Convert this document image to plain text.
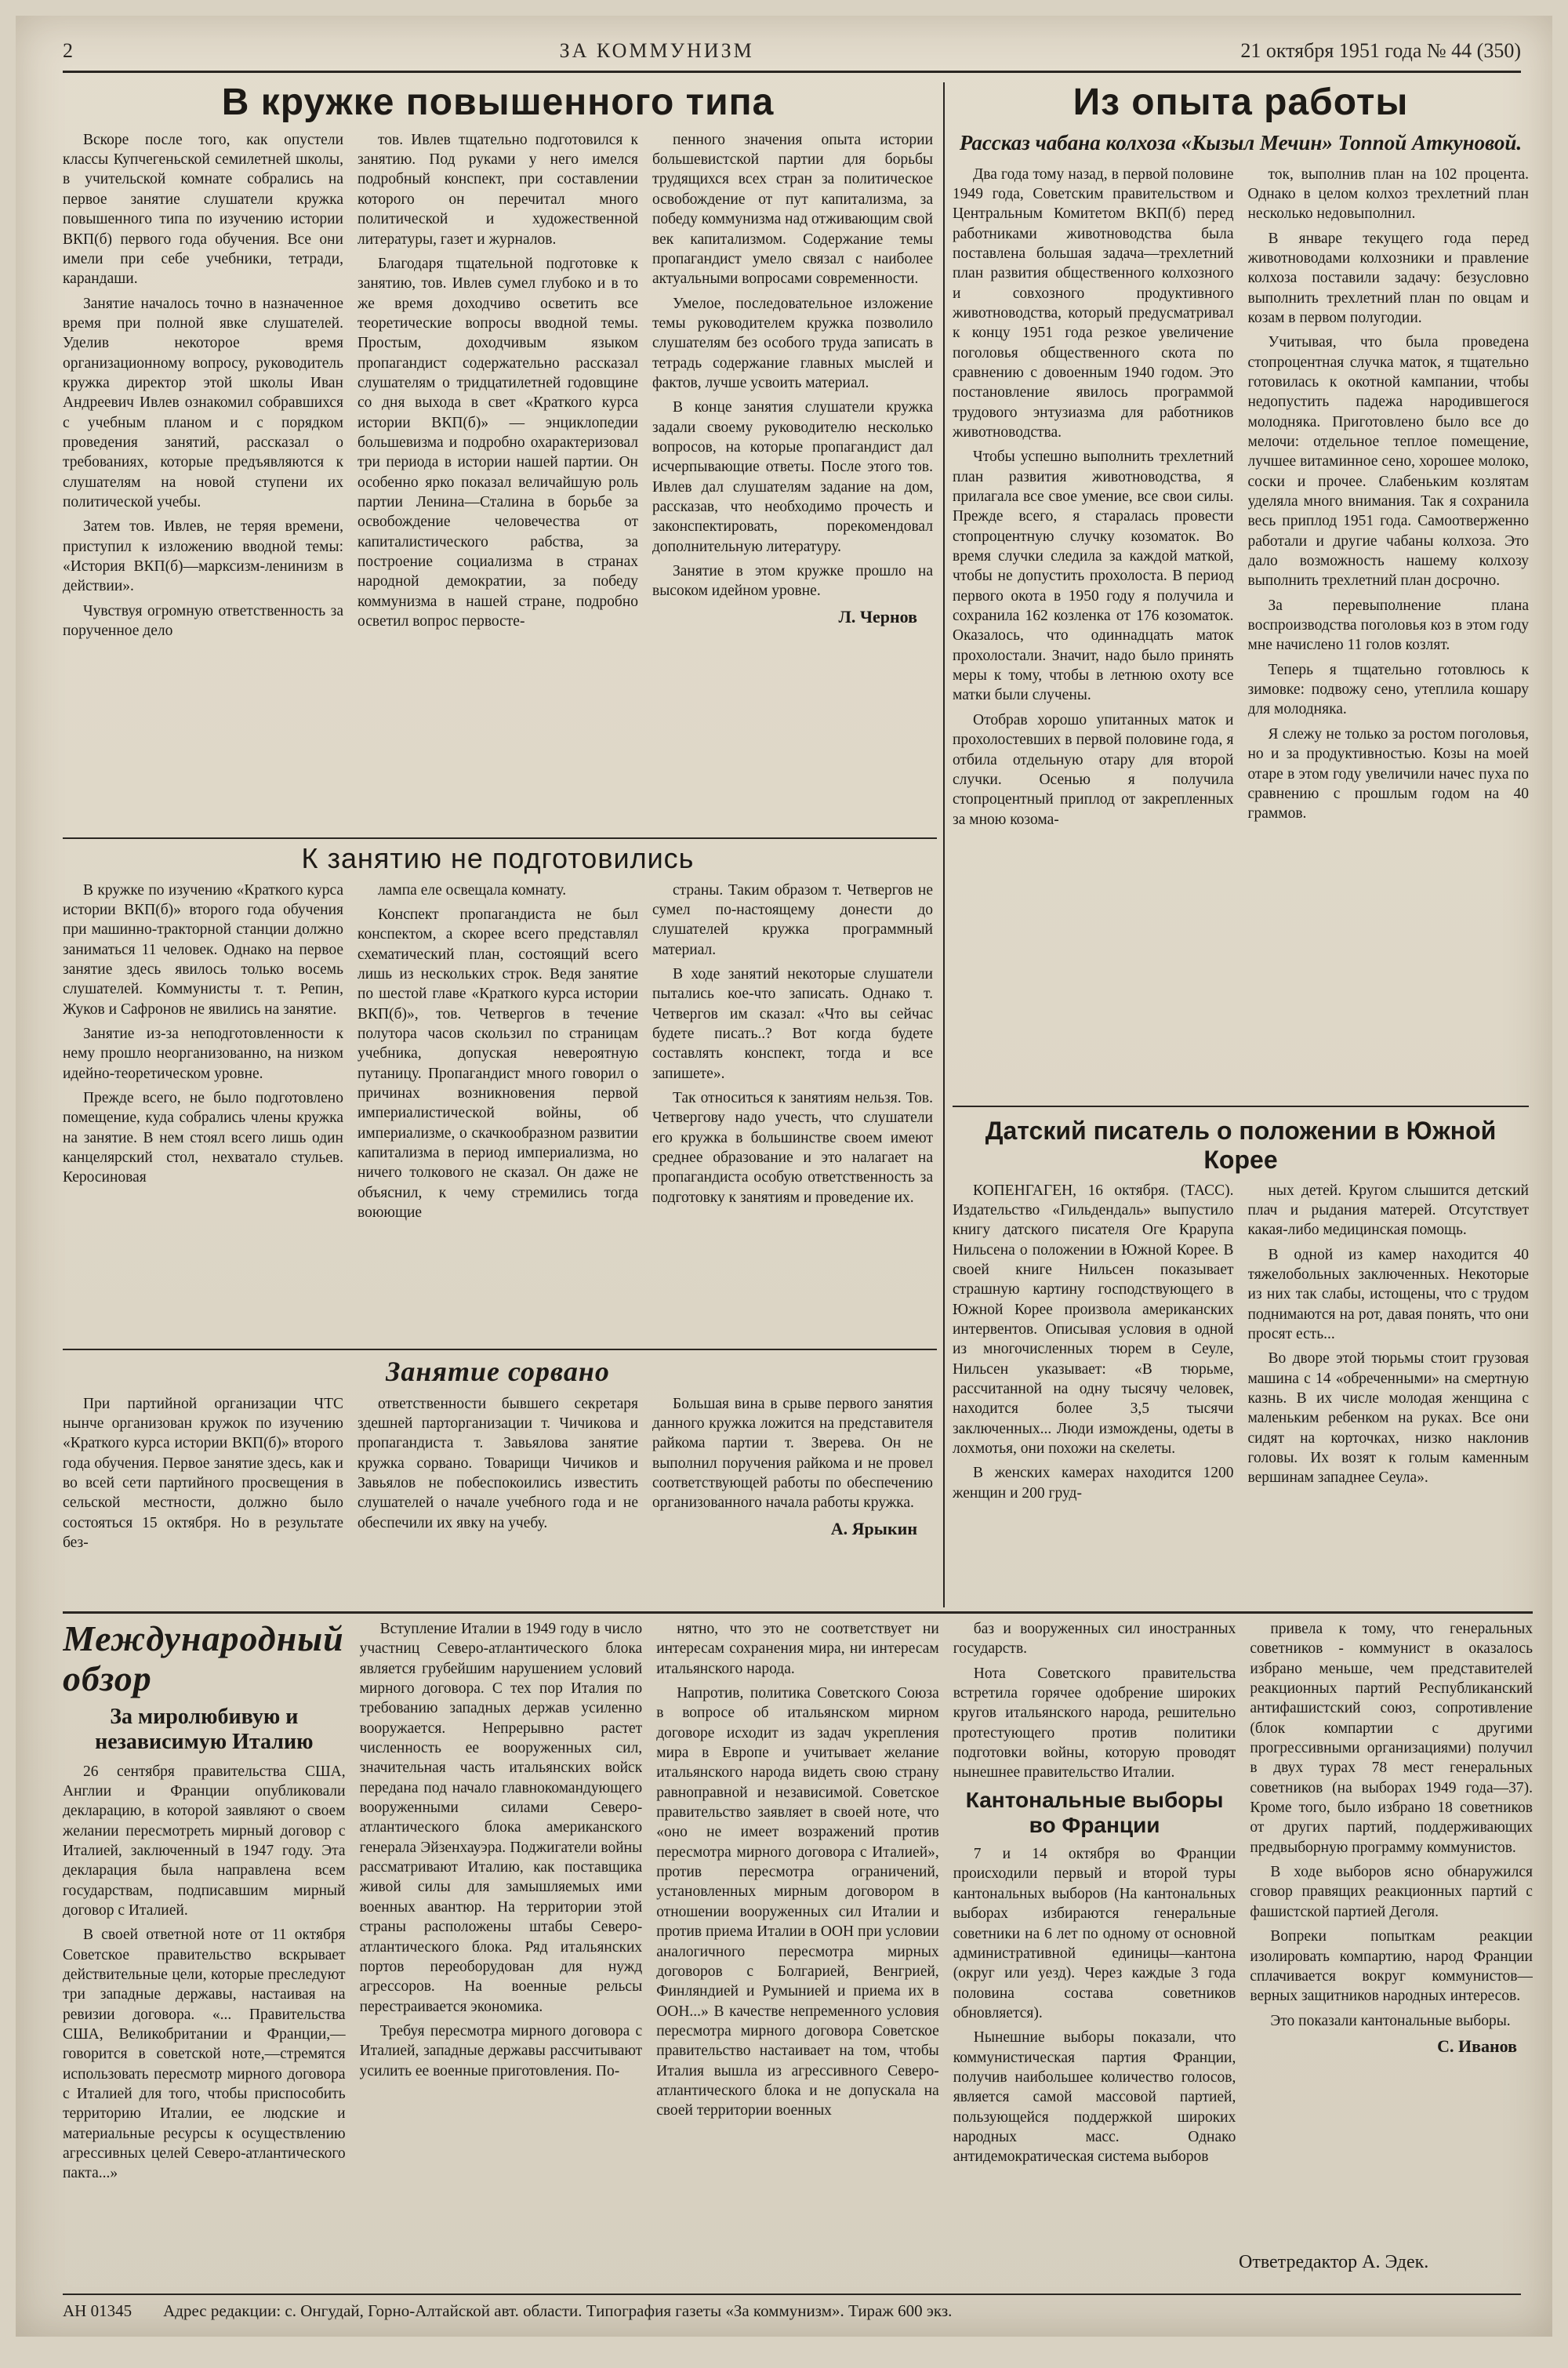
2	ЗА КОММУНИЗМ	21 октября 1951 года № 44 (350)
В кружке повышенного типа

Вскоре после того, как опустели классы Купчегеньской семилетней школы, в учительской комнате собрались на первое занятие слушатели кружка повышенного типа по изучению истории ВКП(б) первого года обучения. Все они имели при себе учебники, тетради, карандаши.

Занятие началось точно в назначенное время при полной явке слушателей. Уделив некоторое время организационному вопросу, руководитель кружка директор этой школы Иван Андреевич Ивлев ознакомил собравшихся с учебным планом и с порядком проведения занятий, рассказал о требованиях, которые предъявляются к слушателям на новой ступени их политической учебы.

Затем тов. Ивлев, не теряя времени, приступил к изложению вводной темы: «История ВКП(б)—марксизм-ленинизм в действии».

Чувствуя огромную ответственность за порученное дело

тов. Ивлев тщательно подготовился к занятию. Под руками у него имелся подробный конспект, при составлении которого он перечитал много политической и художественной литературы, газет и журналов.

Благодаря тщательной подготовке к занятию, тов. Ивлев сумел глубоко и в то же время доходчиво осветить все теоретические вопросы вводной темы. Простым, доходчивым языком пропагандист содержательно рассказал слушателям о тридцатилетней годовщине со дня выхода в свет «Краткого курса истории ВКП(б)» — энциклопедии большевизма и подробно охарактеризовал три периода в истории нашей партии. Он особенно ярко показал величайшую роль партии Ленина—Сталина в борьбе за освобождение человечества от капиталистического рабства, за построение социализма в странах народной демократии, за победу коммунизма в нашей стране, подробно осветил вопрос первосте-

пенного значения опыта истории большевистской партии для борьбы трудящихся всех стран за политическое освобождение от пут капитализма, за победу коммунизма над отживающим свой век капитализмом. Содержание темы пропагандист умело связал с наиболее актуальными вопросами современности.

Умелое, последовательное изложение темы руководителем кружка позволило слушателям без особого труда записать в тетрадь содержание главных мыслей и фактов, лучше усвоить материал.

В конце занятия слушатели кружка задали своему руководителю несколько вопросов, на которые пропагандист дал исчерпывающие ответы. После этого тов. Ивлев дал слушателям задание на дом, рассказав, что необходимо прочесть и законспектировать, порекомендовал дополнительную литературу.

Занятие в этом кружке прошло на высоком идейном уровне.

Л. Чернов
Из опыта работы
Рассказ чабана колхоза «Кызыл Мечин» Топпой Аткуновой.

Два года тому назад, в первой половине 1949 года, Советским правительством и Центральным Комитетом ВКП(б) перед работниками животноводства была поставлена большая задача—трехлетний план развития общественного колхозного и совхозного продуктивного животноводства, который предусматривал к концу 1951 года резкое увеличение поголовья общественного скота по сравнению с довоенным 1940 годом. Это постановление явилось программой трудового энтузиазма для работников животноводства.

Чтобы успешно выполнить трехлетний план развития животноводства, я прилагала все свое умение, все свои силы. Прежде всего, я старалась провести стопроцентную случку козоматок. Во время случки следила за каждой маткой, чтобы не допустить прохолоста. В период первого окота в 1950 году я получила и сохранила 162 козленка от 176 козоматок. Оказалось, что одиннадцать маток прохолостали. Значит, надо было принять меры к тому, чтобы в летнюю охоту все матки были случены.

Отобрав хорошо упитанных маток и прохолостевших в первой половине года, я отбила отдельную отару для второй случки. Осенью я получила стопроцентный приплод от закрепленных за мною козома-

ток, выполнив план на 102 процента. Однако в целом колхоз трехлетний план несколько недовыполнил.

В январе текущего года перед животноводами колхозники и правление колхоза поставили задачу: безусловно выполнить трехлетний план по овцам и козам в первом полугодии.

Учитывая, что была проведена стопроцентная случка маток, я тщательно готовилась к окотной кампании, чтобы недопустить падежа народившегося молодняка. Приготовлено было все до мелочи: отдельное теплое помещение, лучшее витаминное сено, хорошее молоко, соски и прочее. Слабеньким козлятам уделяла много внимания. Так я сохранила весь приплод 1951 года. Самоотверженно работали и другие чабаны колхоза. Это дало возможность нашему колхозу выполнить трехлетний план досрочно.

За перевыполнение плана воспроизводства поголовья коз в этом году мне начислено 11 голов козлят.

Теперь я тщательно готовлюсь к зимовке: подвожу сено, утеплила кошару для молодняка.

Я слежу не только за ростом поголовья, но и за продуктивностью. Козы на моей отаре в этом году увеличили начес пуха по сравнению с прошлым годом на 40 граммов.

К занятию не подготовились

В кружке по изучению «Краткого курса истории ВКП(б)» второго года обучения при машинно-тракторной станции должно заниматься 11 человек. Однако на первое занятие здесь явилось только восемь слушателей. Коммунисты т. т. Репин, Жуков и Сафронов не явились на занятие.

Занятие из-за неподготовленности к нему прошло неорганизованно, на низком идейно-теоретическом уровне.

Прежде всего, не было подготовлено помещение, куда собрались члены кружка на занятие. В нем стоял всего лишь один канцелярский стол, нехватало стульев. Керосиновая

лампа еле освещала комнату.

Конспект пропагандиста не был конспектом, а скорее всего представлял схематический план, состоящий всего лишь из нескольких строк. Ведя занятие по шестой главе «Краткого курса истории ВКП(б)», тов. Четвергов в течение полутора часов скользил по страницам учебника, допуская невероятную путаницу. Пропагандист много говорил о причинах возникновения первой империалистической войны, об империализме, о скачкообразном развитии капитализма в период империализма, но ничего толкового не сказал. Он даже не объяснил, к чему стремились тогда воюющие

страны. Таким образом т. Четвергов не сумел по-настоящему донести до слушателей кружка программный материал.

В ходе занятий некоторые слушатели пытались кое-что записать. Однако т. Четвергов им сказал: «Что вы сейчас будете писать..? Вот когда будете составлять конспект, тогда и все запишете».

Так относиться к занятиям нельзя. Тов. Четвергову надо учесть, что слушатели его кружка в большинстве своем имеют среднее образование и это налагает на пропагандиста особую ответственность за подготовку к занятиям и проведение их.

Датский писатель о положении в Южной Корее

КОПЕНГАГЕН, 16 октября. (ТАСС). Издательство «Гильдендаль» выпустило книгу датского писателя Оге Крарупа Нильсена о положении в Южной Корее. В своей книге Нильсен показывает страшную картину господствующего в Южной Корее произвола американских интервентов. Описывая условия в одной из многочисленных тюрем в Сеуле, Нильсен указывает: «В тюрьме, рассчитанной на одну тысячу человек, находится более 3,5 тысячи заключенных... Люди измождены, одеты в лохмотья, они похожи на скелеты.

В женских камерах находится 1200 женщин и 200 груд-

ных детей. Кругом слышится детский плач и рыдания матерей. Отсутствует какая-либо медицинская помощь.

В одной из камер находится 40 тяжелобольных заключенных. Некоторые из них так слабы, истощены, что с трудом поднимаются на рот, давая понять, что они просят есть...

Во дворе этой тюрьмы стоит грузовая машина с 14 «обреченными» на смертную казнь. В их числе молодая женщина с маленьким ребенком на руках. Все они сидят на корточках, низко наклонив головы. Их возят к голым каменным вершинам западнее Сеула».

Занятие сорвано

При партийной организации ЧТС нынче организован кружок по изучению «Краткого курса истории ВКП(б)» второго года обучения. Первое занятие здесь, как и во всей сети партийного просвещения в сельской местности, должно было состояться 15 октября. Но в результате без-

ответственности бывшего секретаря здешней парторганизации т. Чичикова и пропагандиста т. Завьялова занятие кружка сорвано. Товарищи Чичиков и Завьялов не побеспокоились известить слушателей о начале учебного года и не обеспечили их явку на учебу.

Большая вина в срыве первого занятия данного кружка ложится на представителя райкома партии т. Зверева. Он не выполнил поручения райкома и не провел соответствующей работы по обеспечению организованного начала работы кружка.

А. Ярыкин
Международный обзор
За миролюбивую и независимую Италию

26 сентября правительства США, Англии и Франции опубликовали декларацию, в которой заявляют о своем желании пересмотреть мирный договор с Италией, заключенный в 1947 году. Эта декларация была направлена всем государствам, подписавшим мирный договор с Италией.

В своей ответной ноте от 11 октября Советское правительство вскрывает действительные цели, которые преследуют три западные державы, настаивая на ревизии договора. «... Правительства США, Великобритании и Франции,—говорится в советской ноте,—стремятся использовать пересмотр мирного договора с Италией для того, чтобы приспособить территорию Италии, ее людские и материальные ресурсы к осуществлению агрессивных целей Северо-атлантического пакта...»

Вступление Италии в 1949 году в число участниц Северо-атлантического блока является грубейшим нарушением условий мирного договора. С тех пор Италия по требованию западных держав усиленно вооружается. Непрерывно растет численность ее вооруженных сил, значительная часть итальянских войск передана под начало главнокомандующего вооруженными силами Северо-атлантического блока американского генерала Эйзенхауэра. Поджигатели войны рассматривают Италию, как поставщика живой силы для замышляемых ими военных авантюр. На территории этой страны расположены штабы Северо-атлантического блока. Ряд итальянских портов переоборудован для нужд агрессоров. На военные рельсы перестраивается экономика.

Требуя пересмотра мирного договора с Италией, западные державы рассчитывают усилить ее военные приготовления. По-

нятно, что это не соответствует ни интересам сохранения мира, ни интересам итальянского народа.

Напротив, политика Советского Союза в вопросе об итальянском мирном договоре исходит из задач укрепления мира в Европе и учитывает желание итальянского народа видеть свою страну равноправной и независимой. Советское правительство заявляет в своей ноте, что «оно не имеет возражений против пересмотра мирного договора с Италией», против пересмотра ограничений, установленных мирным договором в отношении вооруженных сил Италии и против приема Италии в ООН при условии аналогичного пересмотра мирных договоров с Болгарией, Венгрией, Финляндией и Румынией и приема их в ООН...» В качестве непременного условия пересмотра мирного договора Советское правительство настаивает на том, чтобы Италия вышла из агрессивного Северо-атлантического блока и не допускала на своей территории военных

баз и вооруженных сил иностранных государств.

Нота Советского правительства встретила горячее одобрение широких кругов итальянского народа, решительно протестующего против политики подготовки войны, которую проводят нынешнее правительство Италии.

Кантональные выборы во Франции

7 и 14 октября во Франции происходили первый и второй туры кантональных выборов (На кантональных выборах избираются генеральные советники на 6 лет по одному от основной административной единицы—кантона (округ или уезд). Через каждые 3 года половина состава советников обновляется).

Нынешние выборы показали, что коммунистическая партия Франции, получив наибольшее количество голосов, является самой массовой партией, пользующейся поддержкой широких народных масс. Однако антидемократическая система выборов

привела к тому, что генеральных советников - коммунист в оказалось избрано меньше, чем представителей реакционных партий Республиканский антифашистский союз, сопротивление (блок компартии с другими прогрессивными организациями) получил в двух турах 78 мест генеральных советников (на выборах 1949 года—37). Кроме того, было избрано 18 советников от других партий, поддерживающих предвыборную программу коммунистов.

В ходе выборов ясно обнаружился сговор правящих реакционных партий с фашистской партией Деголя.

Вопреки попыткам реакции изолировать компартию, народ Франции сплачивается вокруг коммунистов—верных защитников народных интересов.

Это показали кантональные выборы.

С. Иванов
Ответредактор А. Эдек.
АН 01345 Адрес редакции: с. Онгудай, Горно-Алтайской авт. области. Типография газеты «За коммунизм». Тираж 600 экз.
